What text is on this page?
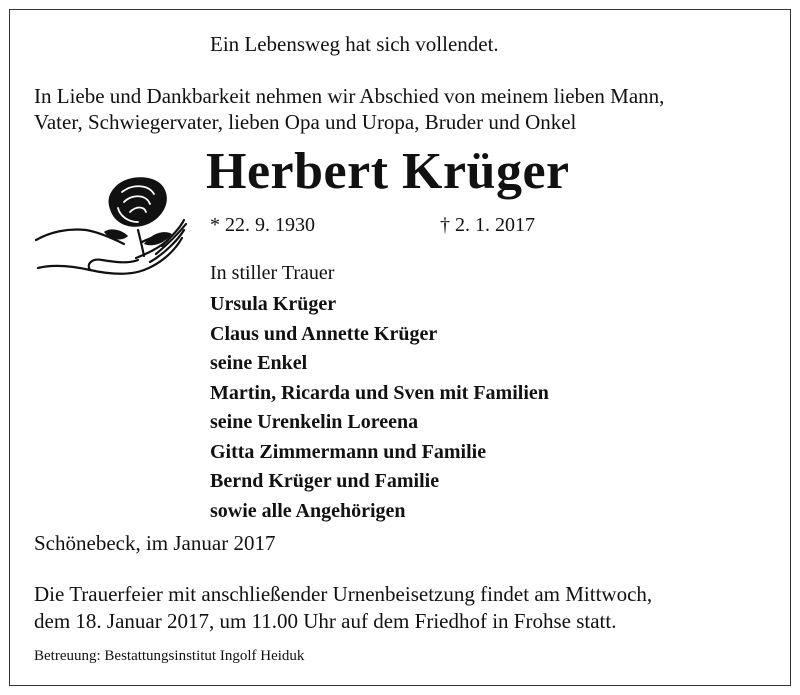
Ein Lebensweg hat sich vollendet.
In Liebe und Dankbarkeit nehmen wir Abschied von meinem lieben Mann,
Vater, Schwiegervater, lieben Opa und Uropa, Bruder und Onkel
Herbert Krüger
* 22. 9. 1930	† 2. 1. 2017
In stiller Trauer
Ursula Krüger
Claus und Annette Krüger
seine Enkel
Martin, Ricarda und Sven mit Familien
seine Urenkelin Loreena
Gitta Zimmermann und Familie
Bernd Krüger und Familie
sowie alle Angehörigen
Schönebeck, im Januar 2017
Die Trauerfeier mit anschließender Urnenbeisetzung findet am Mittwoch,
dem 18. Januar 2017, um 11.00 Uhr auf dem Friedhof in Frohse statt.
Betreuung: Bestattungsinstitut Ingolf Heiduk
